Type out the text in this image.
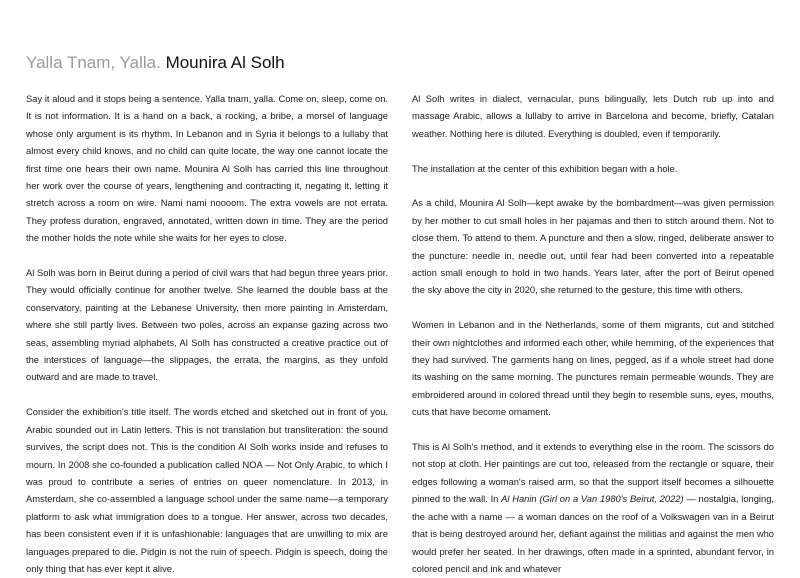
Yalla Tnam, Yalla. Mounira Al Solh

Say it aloud and it stops being a sentence. Yalla tnam, yalla. Come on, sleep, come on. It is not information. It is a hand on a back, a rocking, a bribe, a morsel of language whose only argument is its rhythm. In Lebanon and in Syria it belongs to a lullaby that almost every child knows, and no child can quite locate, the way one cannot locate the first time one hears their own name. Mounira Al Solh has carried this line throughout her work over the course of years, lengthening and contracting it, negating it, letting it stretch across a room on wire. Nami nami noooom. The extra vowels are not errata. They profess duration, engraved, annotated, written down in time. They are the period the mother holds the note while she waits for her eyes to close.

Al Solh was born in Beirut during a period of civil wars that had begun three years prior. They would officially continue for another twelve. She learned the double bass at the conservatory, painting at the Lebanese University, then more painting in Amsterdam, where she still partly lives. Between two poles, across an expanse gazing across two seas, assembling myriad alphabets, Al Solh has constructed a creative practice out of the interstices of language—the slippages, the errata, the margins, as they unfold outward and are made to travel.

Consider the exhibition's title itself. The words etched and sketched out in front of you. Arabic sounded out in Latin letters. This is not translation but transliteration: the sound survives, the script does not. This is the condition Al Solh works inside and refuses to mourn. In 2008 she co-founded a publication called NOA — Not Only Arabic, to which I was proud to contribute a series of entries on queer nomenclature. In 2013, in Amsterdam, she co-assembled a language school under the same name—a temporary platform to ask what immigration does to a tongue. Her answer, across two decades, has been consistent even if it is unfashionable: languages that are unwilling to mix are languages prepared to die. Pidgin is not the ruin of speech. Pidgin is speech, doing the only thing that has ever kept it alive.

Al Solh writes in dialect, vernacular, puns bilingually, lets Dutch rub up into and massage Arabic, allows a lullaby to arrive in Barcelona and become, briefly, Catalan weather. Nothing here is diluted. Everything is doubled, even if temporarily.

The installation at the center of this exhibition began with a hole.

As a child, Mounira Al Solh—kept awake by the bombardment—was given permission by her mother to cut small holes in her pajamas and then to stitch around them. Not to close them. To attend to them. A puncture and then a slow, ringed, deliberate answer to the puncture: needle in, needle out, until fear had been converted into a repeatable action small enough to hold in two hands. Years later, after the port of Beirut opened the sky above the city in 2020, she returned to the gesture, this time with others.

Women in Lebanon and in the Netherlands, some of them migrants, cut and stitched their own nightclothes and informed each other, while hemming, of the experiences that they had survived. The garments hang on lines, pegged, as if a whole street had done its washing on the same morning. The punctures remain permeable wounds. They are embroidered around in colored thread until they begin to resemble suns, eyes, mouths, cuts that have become ornament.

This is Al Solh's method, and it extends to everything else in the room. The scissors do not stop at cloth. Her paintings are cut too, released from the rectangle or square, their edges following a woman's raised arm, so that the support itself becomes a silhouette pinned to the wall. In Al Hanin (Girl on a Van 1980's Beirut, 2022) — nostalgia, longing, the ache with a name — a woman dances on the roof of a Volkswagen van in a Beirut that is being destroyed around her, defiant against the militias and against the men who would prefer her seated. In her drawings, often made in a sprinted, abundant fervor, in colored pencil and ink and whatever
